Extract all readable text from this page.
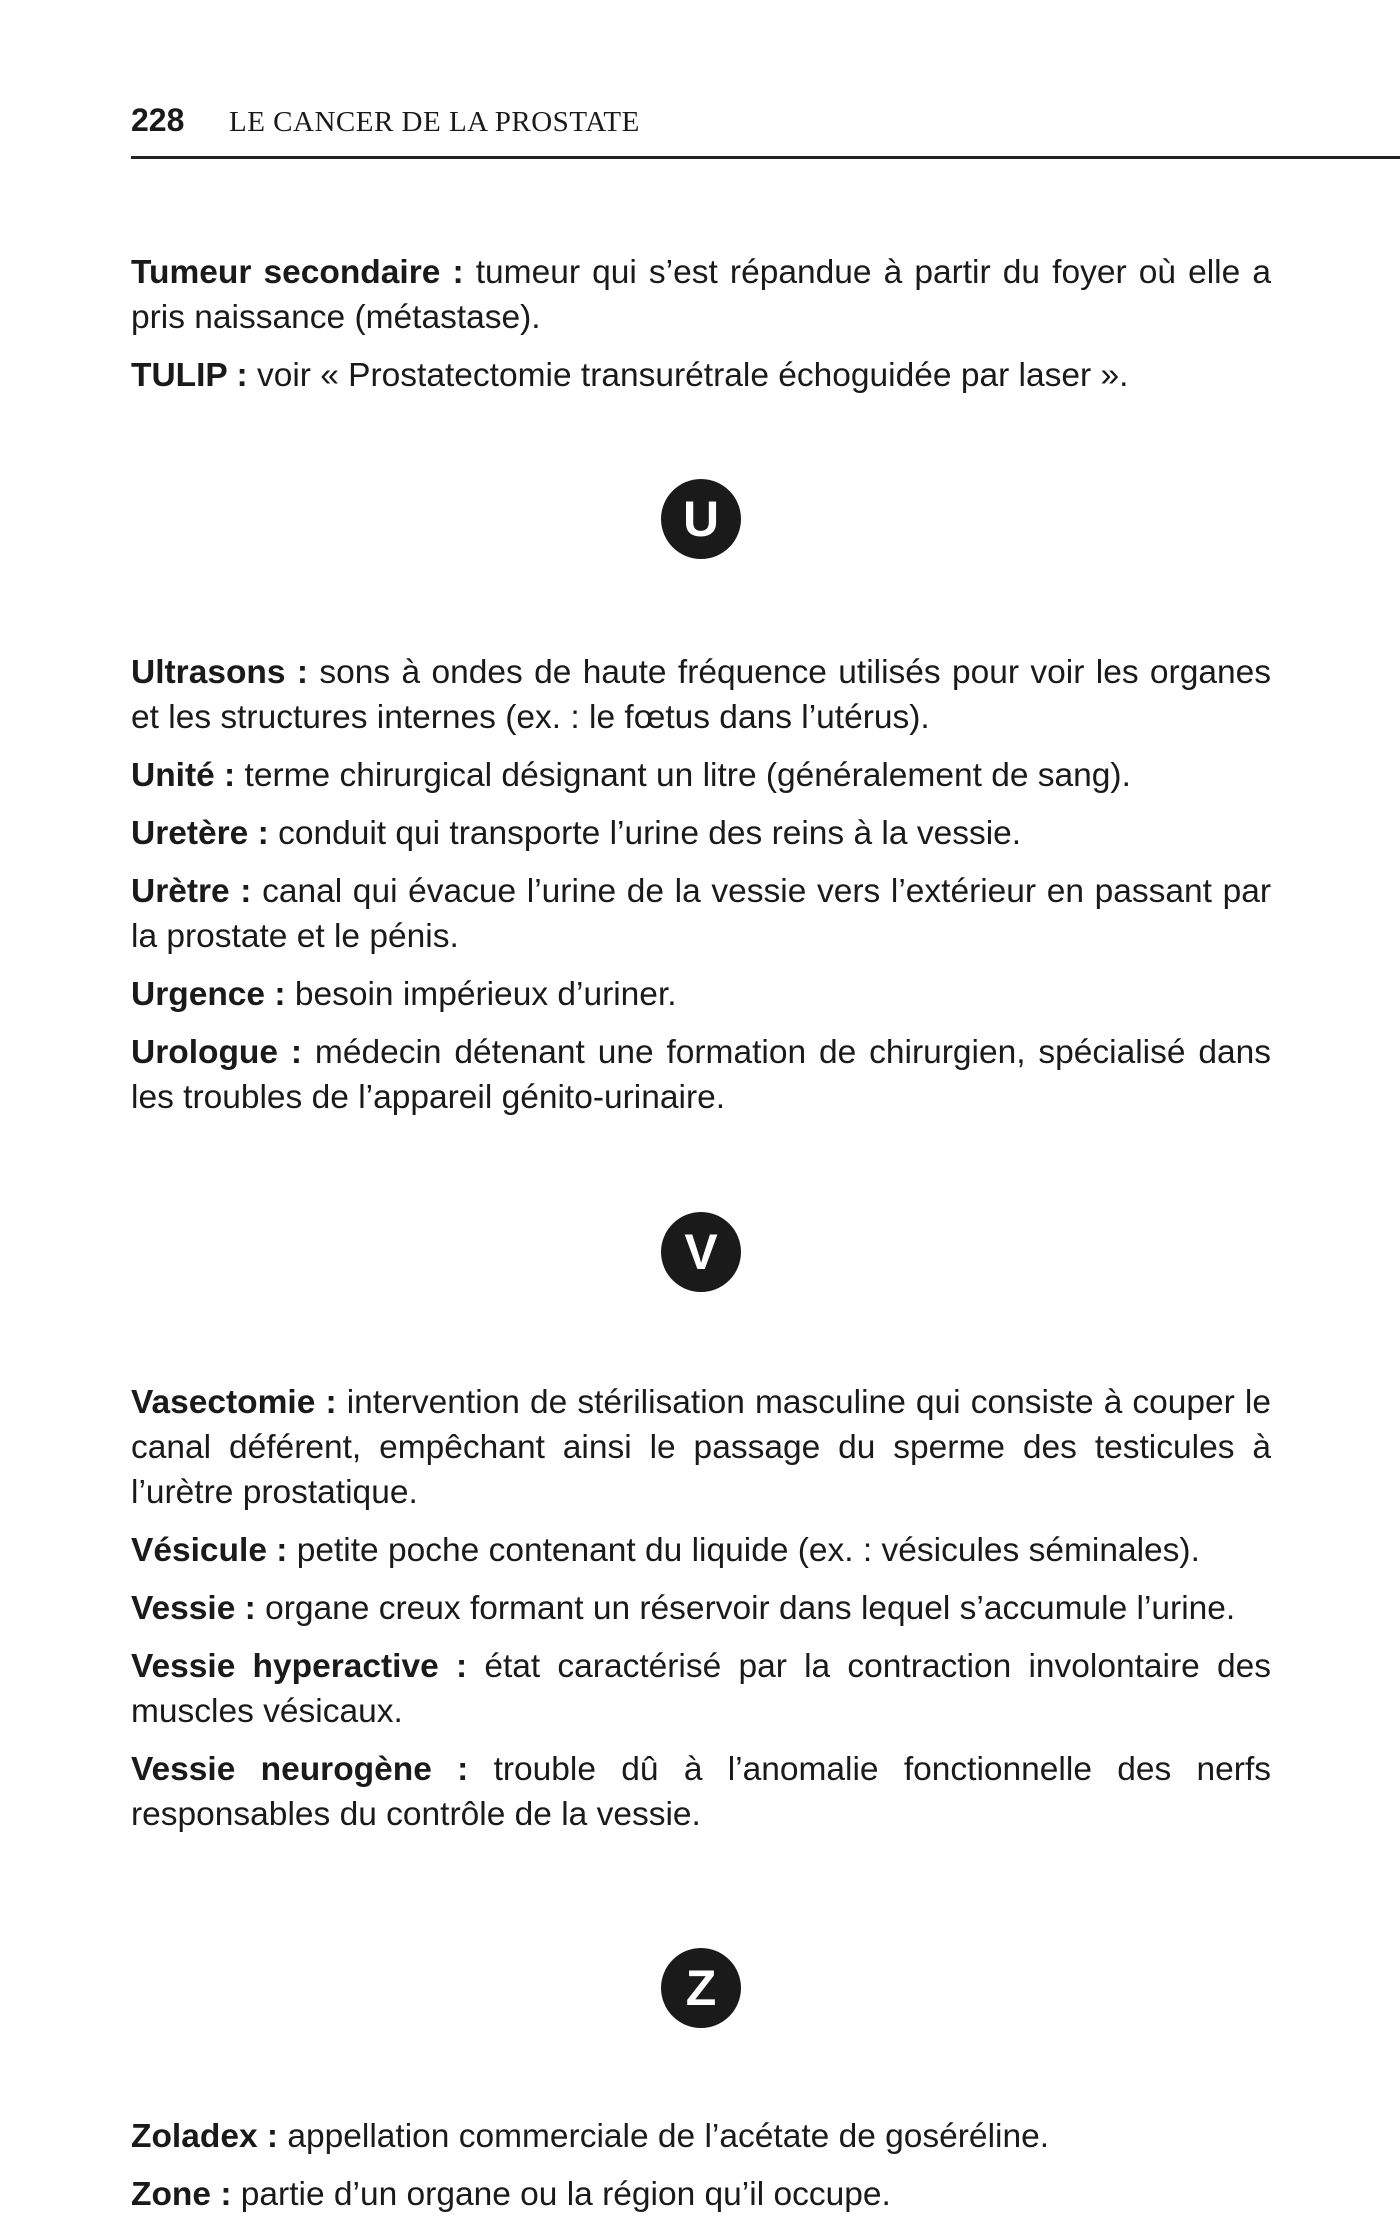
228 LE CANCER DE LA PROSTATE

Tumeur secondaire : tumeur qui s’est répandue à partir du foyer où elle a pris naissance (métastase).

TULIP : voir « Prostatectomie transurétrale échoguidée par laser ».

U

Ultrasons : sons à ondes de haute fréquence utilisés pour voir les organes et les structures internes (ex. : le fœtus dans l’utérus).

Unité : terme chirurgical désignant un litre (généralement de sang).

Uretère : conduit qui transporte l’urine des reins à la vessie.

Urètre : canal qui évacue l’urine de la vessie vers l’extérieur en passant par la prostate et le pénis.

Urgence : besoin impérieux d’uriner.

Urologue : médecin détenant une formation de chirurgien, spécialisé dans les troubles de l’appareil génito-urinaire.

V

Vasectomie : intervention de stérilisation masculine qui consiste à couper le canal déférent, empêchant ainsi le passage du sperme des testicules à l’urètre prostatique.

Vésicule : petite poche contenant du liquide (ex. : vésicules séminales).

Vessie : organe creux formant un réservoir dans lequel s’accumule l’urine.

Vessie hyperactive : état caractérisé par la contraction involontaire des muscles vésicaux.

Vessie neurogène : trouble dû à l’anomalie fonctionnelle des nerfs responsables du contrôle de la vessie.

Z

Zoladex : appellation commerciale de l’acétate de goséréline.

Zone : partie d’un organe ou la région qu’il occupe.
